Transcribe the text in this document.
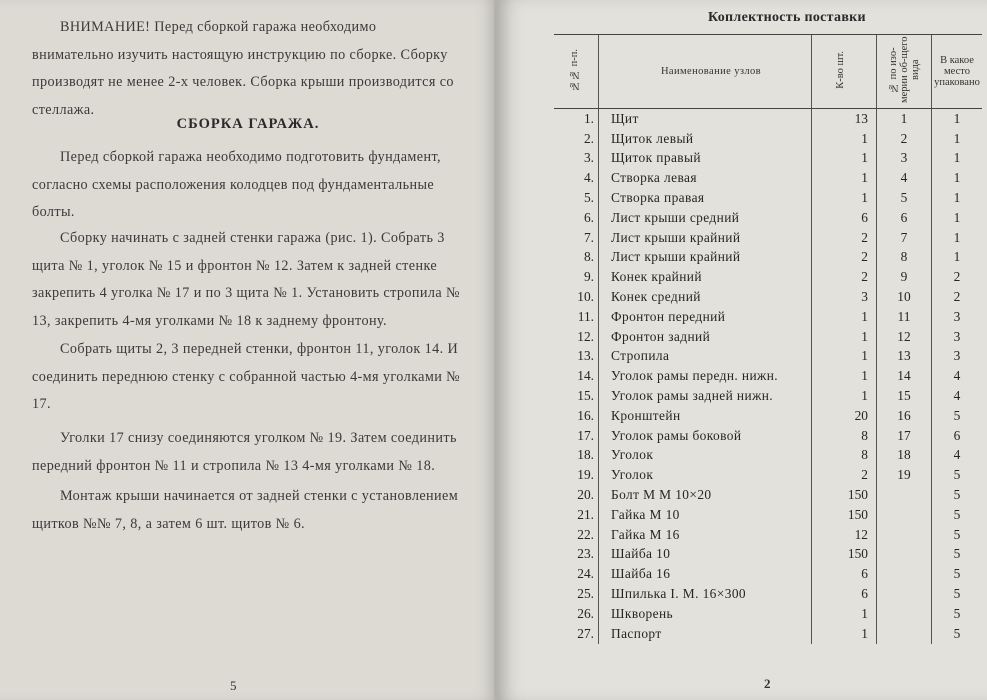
ВНИМАНИЕ! Перед сборкой гаража необходимо внимательно изучить настоящую инструкцию по сборке. Сборку производят не менее 2-х человек. Сборка крыши производится со стеллажа.

СБОРКА ГАРАЖА.

Перед сборкой гаража необходимо подготовить фундамент, согласно схемы расположения колодцев под фундаментальные болты.

Сборку начинать с задней стенки гаража (рис. 1). Собрать 3 щита № 1, уголок № 15 и фронтон № 12. Затем к задней стенке закрепить 4 уголка № 17 и по 3 щита № 1. Установить стропила № 13, закрепить 4-мя уголками № 18 к заднему фронтону.

Собрать щиты 2, 3 передней стенки, фронтон 11, уголок 14. И соединить переднюю стенку с собранной частью 4-мя уголками № 17.

Уголки 17 снизу соединяются уголком № 19. Затем соединить передний фронтон № 11 и стропила № 13 4-мя уголками № 18.

Монтаж крыши начинается от задней стенки с установлением щитков №№ 7, 8, а затем 6 шт. щитов № 6.

5
Коплектность поставки
№№ п-п.	Наименование узлов	К-во шт.	№ по изо-мерии об-щего вида	В какое место упаковано
1.	Щит	13	1	1
2.	Щиток левый	1	2	1
3.	Щиток правый	1	3	1
4.	Створка левая	1	4	1
5.	Створка правая	1	5	1
6.	Лист крыши средний	6	6	1
7.	Лист крыши крайний	2	7	1
8.	Лист крыши крайний	2	8	1
9.	Конек крайний	2	9	2
10.	Конек средний	3	10	2
11.	Фронтон передний	1	11	3
12.	Фронтон задний	1	12	3
13.	Стропила	1	13	3
14.	Уголок рамы передн. нижн.	1	14	4
15.	Уголок рамы задней нижн.	1	15	4
16.	Кронштейн	20	16	5
17.	Уголок рамы боковой	8	17	6
18.	Уголок	8	18	4
19.	Уголок	2	19	5
20.	Болт М М 10×20	150		5
21.	Гайка М 10	150		5
22.	Гайка М 16	12		5
23.	Шайба 10	150		5
24.	Шайба 16	6		5
25.	Шпилька I. М. 16×300	6		5
26.	Шкворень	1		5
27.	Паспорт	1		5
2
